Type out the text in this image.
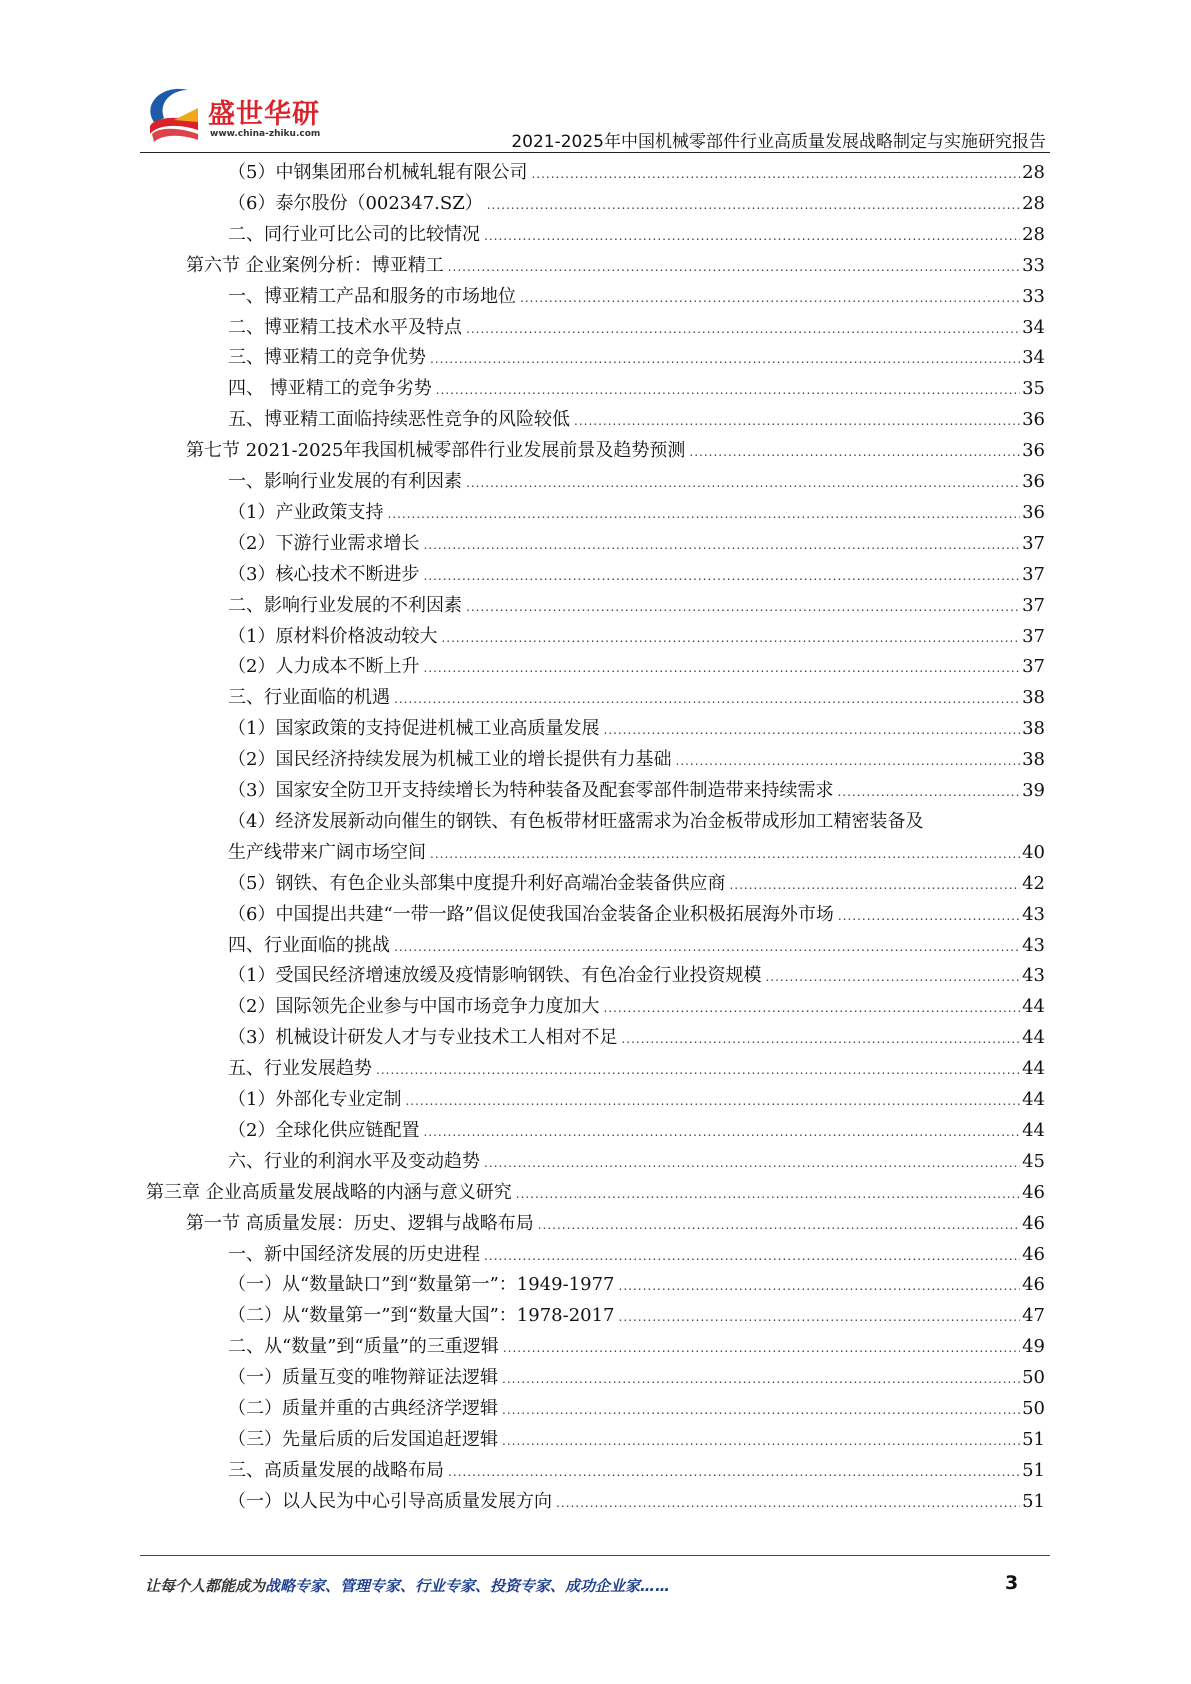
盛世华研
www.china-zhiku.com	2021-2025年中国机械零部件行业高质量发展战略制定与实施研究报告
（5）中钢集团邢台机械轧辊有限公司 .....	28
（6）泰尔股份（002347.SZ） .....	28
二、同行业可比公司的比较情况 .....	28
第六节 企业案例分析：博亚精工 .....	33
一、博亚精工产品和服务的市场地位 .....	33
二、博亚精工技术水平及特点 .....	34
三、博亚精工的竞争优势 .....	34
四、 博亚精工的竞争劣势 .....	35
五、博亚精工面临持续恶性竞争的风险较低 .....	36
第七节 2021-2025年我国机械零部件行业发展前景及趋势预测 .....	36
一、影响行业发展的有利因素 .....	36
（1）产业政策支持 .....	36
（2）下游行业需求增长 .....	37
（3）核心技术不断进步 .....	37
二、影响行业发展的不利因素 .....	37
（1）原材料价格波动较大 .....	37
（2）人力成本不断上升 .....	37
三、行业面临的机遇 .....	38
（1）国家政策的支持促进机械工业高质量发展 .....	38
（2）国民经济持续发展为机械工业的增长提供有力基础 .....	38
（3）国家安全防卫开支持续增长为特种装备及配套零部件制造带来持续需求 .....	39
（4）经济发展新动向催生的钢铁、有色板带材旺盛需求为冶金板带成形加工精密装备及
生产线带来广阔市场空间 .....	40
（5）钢铁、有色企业头部集中度提升利好高端冶金装备供应商 .....	42
（6）中国提出共建“一带一路”倡议促使我国冶金装备企业积极拓展海外市场 .....	43
四、行业面临的挑战 .....	43
（1）受国民经济增速放缓及疫情影响钢铁、有色冶金行业投资规模 .....	43
（2）国际领先企业参与中国市场竞争力度加大 .....	44
（3）机械设计研发人才与专业技术工人相对不足 .....	44
五、行业发展趋势 .....	44
（1）外部化专业定制 .....	44
（2）全球化供应链配置 .....	44
六、行业的利润水平及变动趋势 .....	45
第三章 企业高质量发展战略的内涵与意义研究 .....	46
第一节 高质量发展：历史、逻辑与战略布局 .....	46
一、新中国经济发展的历史进程 .....	46
（一）从“数量缺口”到“数量第一”：1949-1977 .....	46
（二）从“数量第一”到“数量大国”：1978-2017 .....	47
二、从“数量”到“质量”的三重逻辑 .....	49
（一）质量互变的唯物辩证法逻辑 .....	50
（二）质量并重的古典经济学逻辑 .....	50
（三）先量后质的后发国追赶逻辑 .....	51
三、高质量发展的战略布局 .....	51
（一）以人民为中心引导高质量发展方向 .....	51
让每个人都能成为战略专家、管理专家、行业专家、投资专家、成功企业家……	3
